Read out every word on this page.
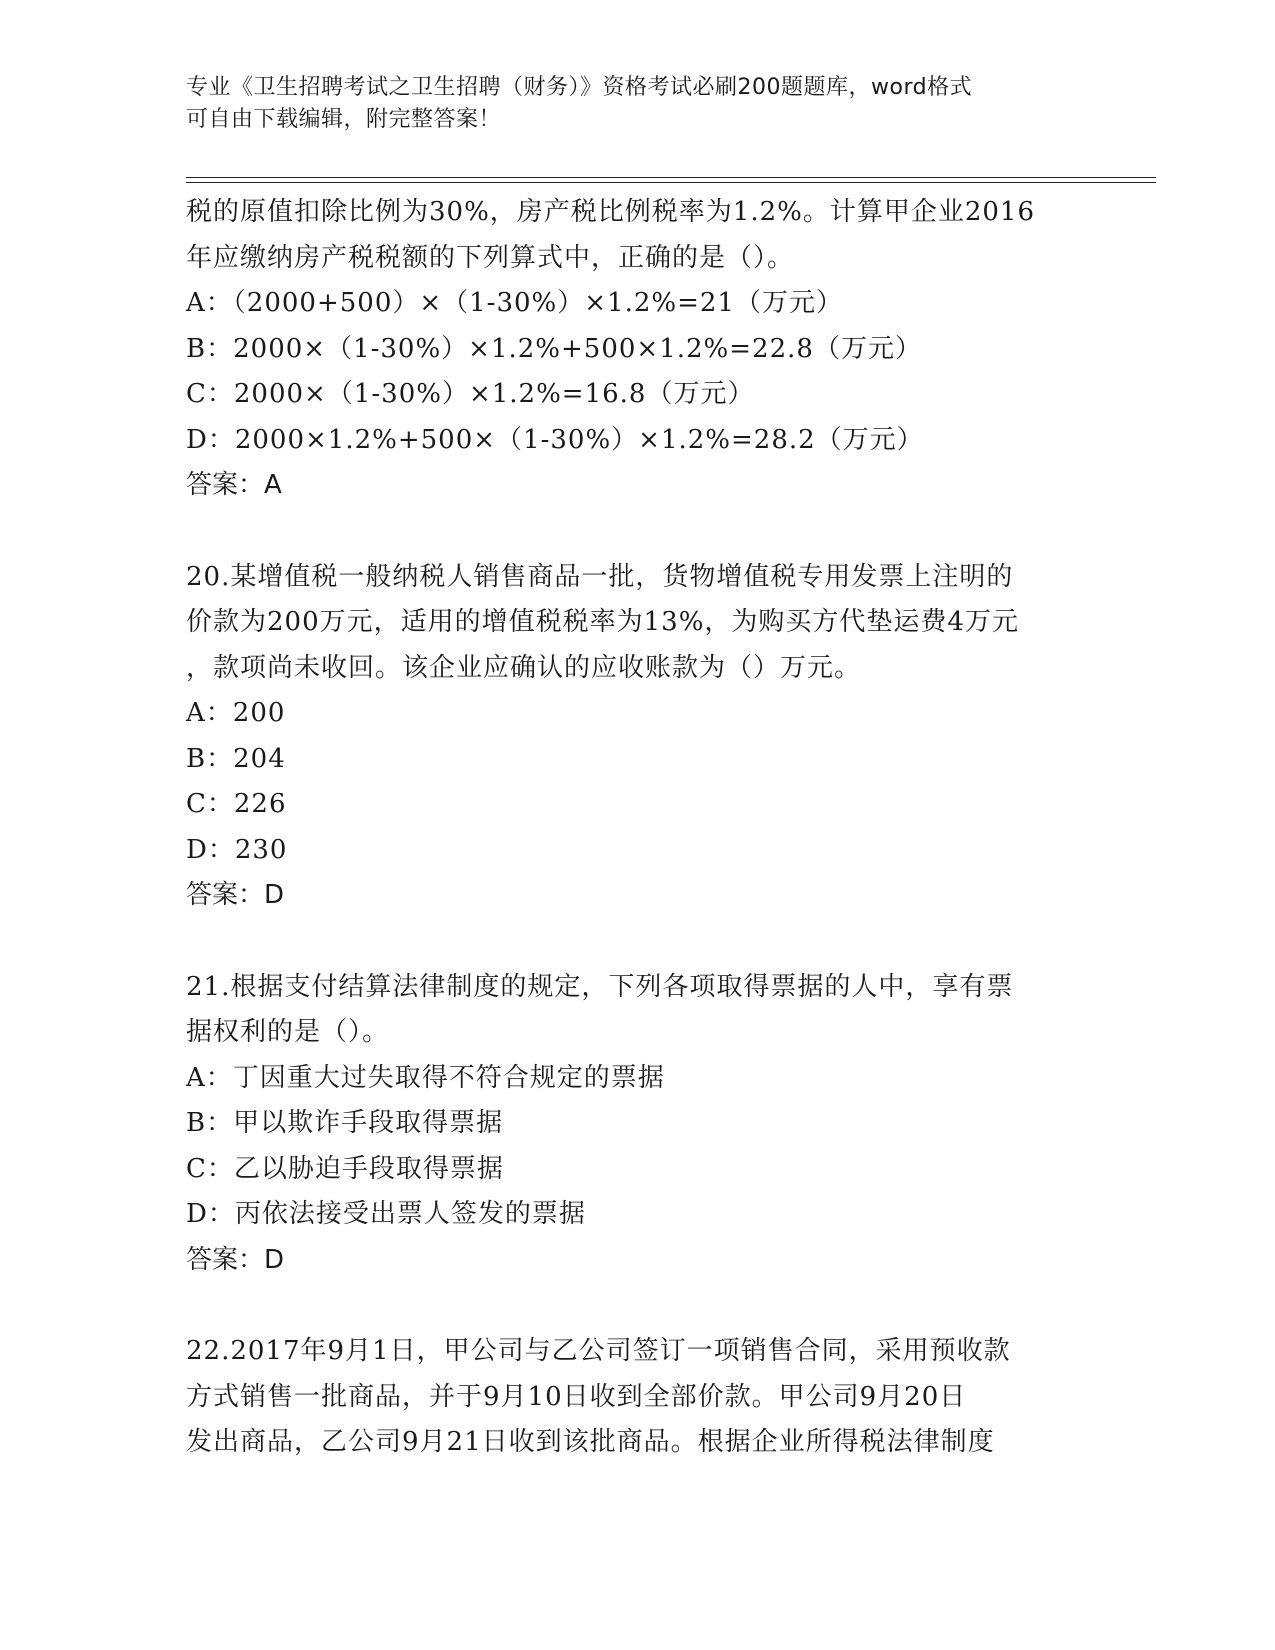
专业《卫生招聘考试之卫生招聘（财务）》资格考试必刷200题题库，word格式
可自由下载编辑，附完整答案！
税的原值扣除比例为30%，房产税比例税率为1.2%。计算甲企业2016
年应缴纳房产税税额的下列算式中，正确的是（）。
A：（2000+500）×（1-30%）×1.2%=21（万元）
B：2000×（1-30%）×1.2%+500×1.2%=22.8（万元）
C：2000×（1-30%）×1.2%=16.8（万元）
D：2000×1.2%+500×（1-30%）×1.2%=28.2（万元）
答案：A
20.某增值税一般纳税人销售商品一批，货物增值税专用发票上注明的
价款为200万元，适用的增值税税率为13%，为购买方代垫运费4万元
，款项尚未收回。该企业应确认的应收账款为（）万元。
A：200
B：204
C：226
D：230
答案：D
21.根据支付结算法律制度的规定，下列各项取得票据的人中，享有票
据权利的是（）。
A：丁因重大过失取得不符合规定的票据
B：甲以欺诈手段取得票据
C：乙以胁迫手段取得票据
D：丙依法接受出票人签发的票据
答案：D
22.2017年9月1日，甲公司与乙公司签订一项销售合同，采用预收款
方式销售一批商品，并于9月10日收到全部价款。甲公司9月20日
发出商品，乙公司9月21日收到该批商品。根据企业所得税法律制度
